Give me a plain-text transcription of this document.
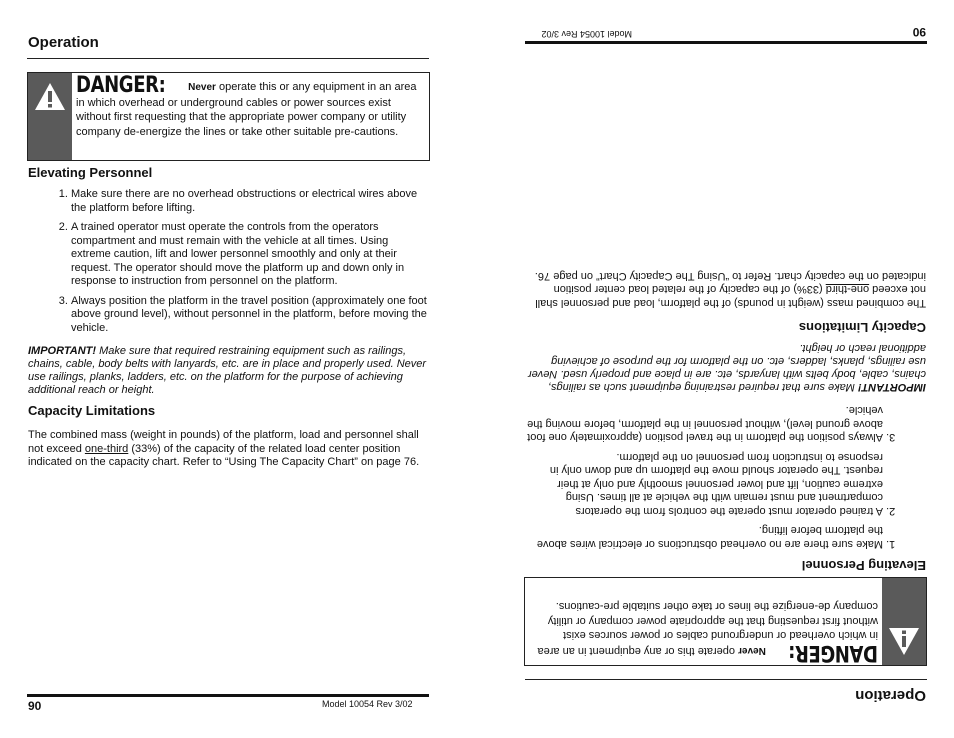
Operation
DANGER: Never operate this or any equipment in an area in which overhead or underground cables or power sources exist without first requesting that the appropriate power company or utility company de-energize the lines or take other suitable pre-cautions.
Elevating Personnel
1. Make sure there are no overhead obstructions or electrical wires above the platform before lifting.
2. A trained operator must operate the controls from the operators compartment and must remain with the vehicle at all times. Using extreme caution, lift and lower personnel smoothly and only at their request. The operator should move the platform up and down only in response to instruction from personnel on the platform.
3. Always position the platform in the travel position (approximately one foot above ground level), without personnel in the platform, before moving the vehicle.
IMPORTANT! Make sure that required restraining equipment such as railings, chains, cable, body belts with lanyards, etc. are in place and properly used. Never use railings, planks, ladders, etc. on the platform for the purpose of achieving additional reach or height.
Capacity Limitations
The combined mass (weight in pounds) of the platform, load and personnel shall not exceed one-third (33%) of the capacity of the related load center position indicated on the capacity chart. Refer to “Using The Capacity Chart” on page 76.
90	Model 10054 Rev 3/02	Operation
DANGER: Never operate this or any equipment in an area in which overhead or underground cables or power sources exist without first requesting that the appropriate power company or utility company de-energize the lines or take other suitable pre-cautions.
Elevating Personnel
1. Make sure there are no overhead obstructions or electrical wires above the platform before lifting.
2. A trained operator must operate the controls from the operators compartment and must remain with the vehicle at all times. Using extreme caution, lift and lower personnel smoothly and only at their request. The operator should move the platform up and down only in response to instruction from personnel on the platform.
3. Always position the platform in the travel position (approximately one foot above ground level), without personnel in the platform, before moving the vehicle.
IMPORTANT! Make sure that required restraining equipment such as railings, chains, cable, body belts with lanyards, etc. are in place and properly used. Never use railings, planks, ladders, etc. on the platform for the purpose of achieving additional reach or height.
Capacity Limitations
The combined mass (weight in pounds) of the platform, load and personnel shall not exceed one-third (33%) of the capacity of the related load center position indicated on the capacity chart. Refer to “Using The Capacity Chart” on page 76.
90
Model 10054 Rev 3/02
